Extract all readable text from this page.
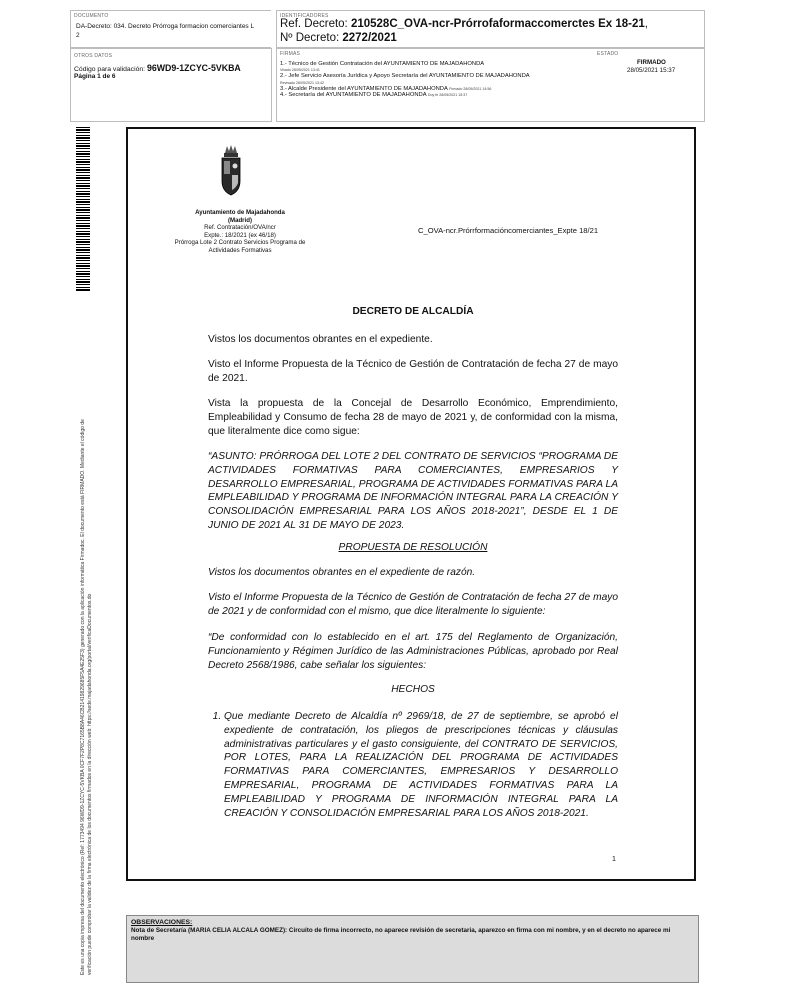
DOCUMENTO
DA-Decreto: 034. Decreto Prórroga formacion comerciantes L 2
IDENTIFICADORES
Ref. Decreto: 210528C_OVA-ncr-Prórrofaformaccomerctes Ex 18-21,
Nº Decreto: 2272/2021
OTROS DATOS
Código para validación: 96WD9-1ZCYC-5VKBA
Página 1 de 6
FIRMAS	ESTADO
1.- Técnico de Gestión Contratación del AYUNTAMIENTO DE MAJADAHONDA
Visado 28/05/2021 13:41
2.- Jefe Servicio Asesoría Jurídica y Apoyo Secretaría del AYUNTAMIENTO DE MAJADAHONDA
Revisado 28/05/2021 13:42
3.- Alcalde Presidente del AYUNTAMIENTO DE MAJADAHONDA Firmado 28/05/2021 14:56
4.- Secretaría del AYUNTAMIENTO DE MAJADAHONDA Doy fe 28/05/2021 15:37
FIRMADO
28/05/2021 15:37
Este es una copia impresa del documento electrónico (Ref: 1773494 96WD9-1ZCYC-5VKBA 0CF7F2P8C7165B8A46CB21419829685F5A4E25F3) generado con la aplicación informática Firmadoc. El documento está FIRMADO. Mediante el código de verificación puede comprobar la validez de la firma electrónica de los documentos firmados en la dirección web: https://sede.majadahonda.org/portal/verificaDocumentos.do
Ayuntamiento de Majadahonda
(Madrid)
Ref. Contratación/OVA/ncr
Expte.: 18/2021 (ex 46/18)
Prórroga Lote 2 Contrato Servicios Programa de
Actividades Formativas
C_OVA-ncr.Prórrformacióncomerciantes_Expte 18/21
DECRETO DE ALCALDÍA
Vistos los documentos obrantes en el expediente.
Visto el Informe Propuesta de la Técnico de Gestión de Contratación de fecha 27 de mayo de 2021.
Vista la propuesta de la Concejal de Desarrollo Económico, Emprendimiento, Empleabilidad y Consumo de fecha 28 de mayo de 2021 y, de conformidad con la misma, que literalmente dice como sigue:
“ASUNTO: PRÓRROGA DEL LOTE 2 DEL CONTRATO DE SERVICIOS “PROGRAMA DE ACTIVIDADES FORMATIVAS PARA COMERCIANTES, EMPRESARIOS Y DESARROLLO EMPRESARIAL, PROGRAMA DE ACTIVIDADES FORMATIVAS PARA LA EMPLEABILIDAD Y PROGRAMA DE INFORMACIÓN INTEGRAL PARA LA CREACIÓN Y CONSOLIDACIÓN EMPRESARIAL PARA LOS AÑOS 2018-2021”, DESDE EL 1 DE JUNIO DE 2021 AL 31 DE MAYO DE 2023.
PROPUESTA DE RESOLUCIÓN
Vistos los documentos obrantes en el expediente de razón.
Visto el Informe Propuesta de la Técnico de Gestión de Contratación de fecha 27 de mayo de 2021 y de conformidad con el mismo, que dice literalmente lo siguiente:
“De conformidad con lo establecido en el art. 175 del Reglamento de Organización, Funcionamiento y Régimen Jurídico de las Administraciones Públicas, aprobado por Real Decreto 2568/1986, cabe señalar los siguientes:
HECHOS
1. Que mediante Decreto de Alcaldía nº 2969/18, de 27 de septiembre, se aprobó el expediente de contratación, los pliegos de prescripciones técnicas y cláusulas administrativas particulares y el gasto consiguiente, del CONTRATO DE SERVICIOS, POR LOTES, PARA LA REALIZACIÓN DEL PROGRAMA DE ACTIVIDADES FORMATIVAS PARA COMERCIANTES, EMPRESARIOS Y DESARROLLO EMPRESARIAL, PROGRAMA DE ACTIVIDADES FORMATIVAS PARA LA EMPLEABILIDAD Y PROGRAMA DE INFORMACIÓN INTEGRAL PARA LA CREACIÓN Y CONSOLIDACIÓN EMPRESARIAL PARA LOS AÑOS 2018-2021.
1
OBSERVACIONES:
Nota de Secretaría (MARIA CELIA ALCALA GOMEZ): Circuito de firma incorrecto, no aparece revisión de secretaria, aparezco en firma con mi nombre, y en el decreto no aparece mi nombre
